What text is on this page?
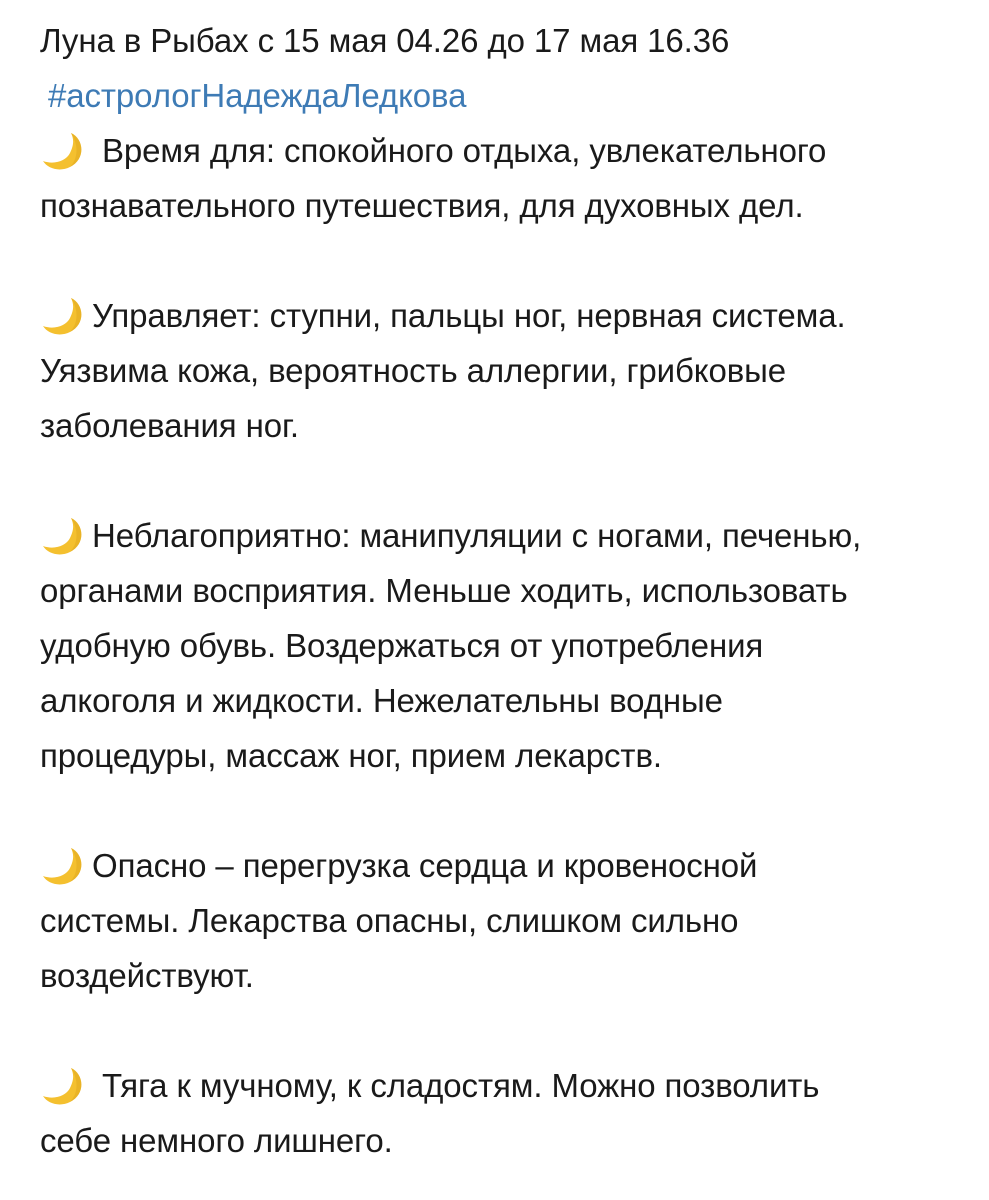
Луна в Рыбах с 15 мая 04.26 до 17 мая 16.36
#астрологНадеждаЛедкова
Время для: спокойного отдыха, увлекательного
познавательного путешествия, для духовных дел.
Управляет: ступни, пальцы ног, нервная система.
Уязвима кожа, вероятность аллергии, грибковые
заболевания ног.
Неблагоприятно: манипуляции с ногами, печенью,
органами восприятия. Меньше ходить, использовать
удобную обувь. Воздержаться от употребления
алкоголя и жидкости. Нежелательны водные
процедуры, массаж ног, прием лекарств.
Опасно – перегрузка сердца и кровеносной
системы. Лекарства опасны, слишком сильно
воздействуют.
Тяга к мучному, к сладостям. Можно позволить
себе немного лишнего.
